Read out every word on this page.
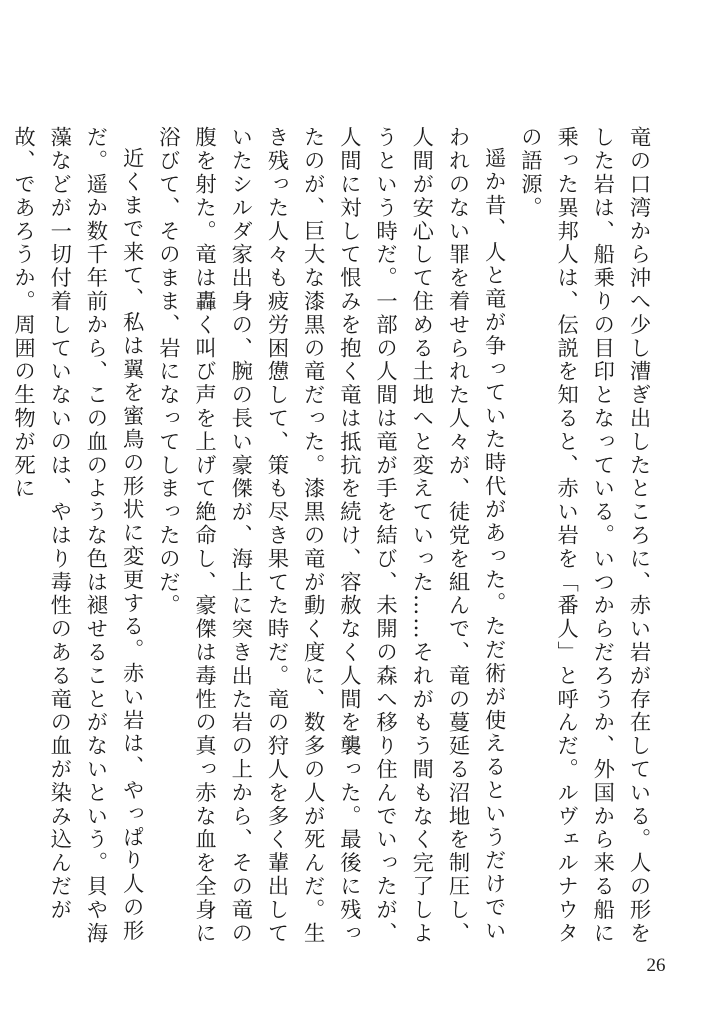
竜の口湾から沖へ少し漕ぎ出したところに、赤い岩が存在している。人の形をした岩は、船乗りの目印となっている。いつからだろうか、外国から来る船に乗った異邦人は、伝説を知ると、赤い岩を「番人」と呼んだ。ルヴェルナウタの語源。

遥か昔、人と竜が争っていた時代があった。ただ術が使えるというだけでいわれのない罪を着せられた人々が、徒党を組んで、竜の蔓延る沼地を制圧し、人間が安心して住める土地へと変えていった……それがもう間もなく完了しようという時だ。一部の人間は竜が手を結び、未開の森へ移り住んでいったが、人間に対して恨みを抱く竜は抵抗を続け、容赦なく人間を襲った。最後に残ったのが、巨大な漆黒の竜だった。漆黒の竜が動く度に、数多の人が死んだ。生き残った人々も疲労困憊して、策も尽き果てた時だ。竜の狩人を多く輩出していたシルダ家出身の、腕の長い豪傑が、海上に突き出た岩の上から、その竜の腹を射た。竜は轟く叫び声を上げて絶命し、豪傑は毒性の真っ赤な血を全身に浴びて、そのまま、岩になってしまったのだ。

近くまで来て、私は翼を蜜鳥の形状に変更する。赤い岩は、やっぱり人の形だ。遥か数千年前から、この血のような色は褪せることがないという。貝や海藻などが一切付着していないのは、やはり毒性のある竜の血が染み込んだが故、であろうか。周囲の生物が死に

26
